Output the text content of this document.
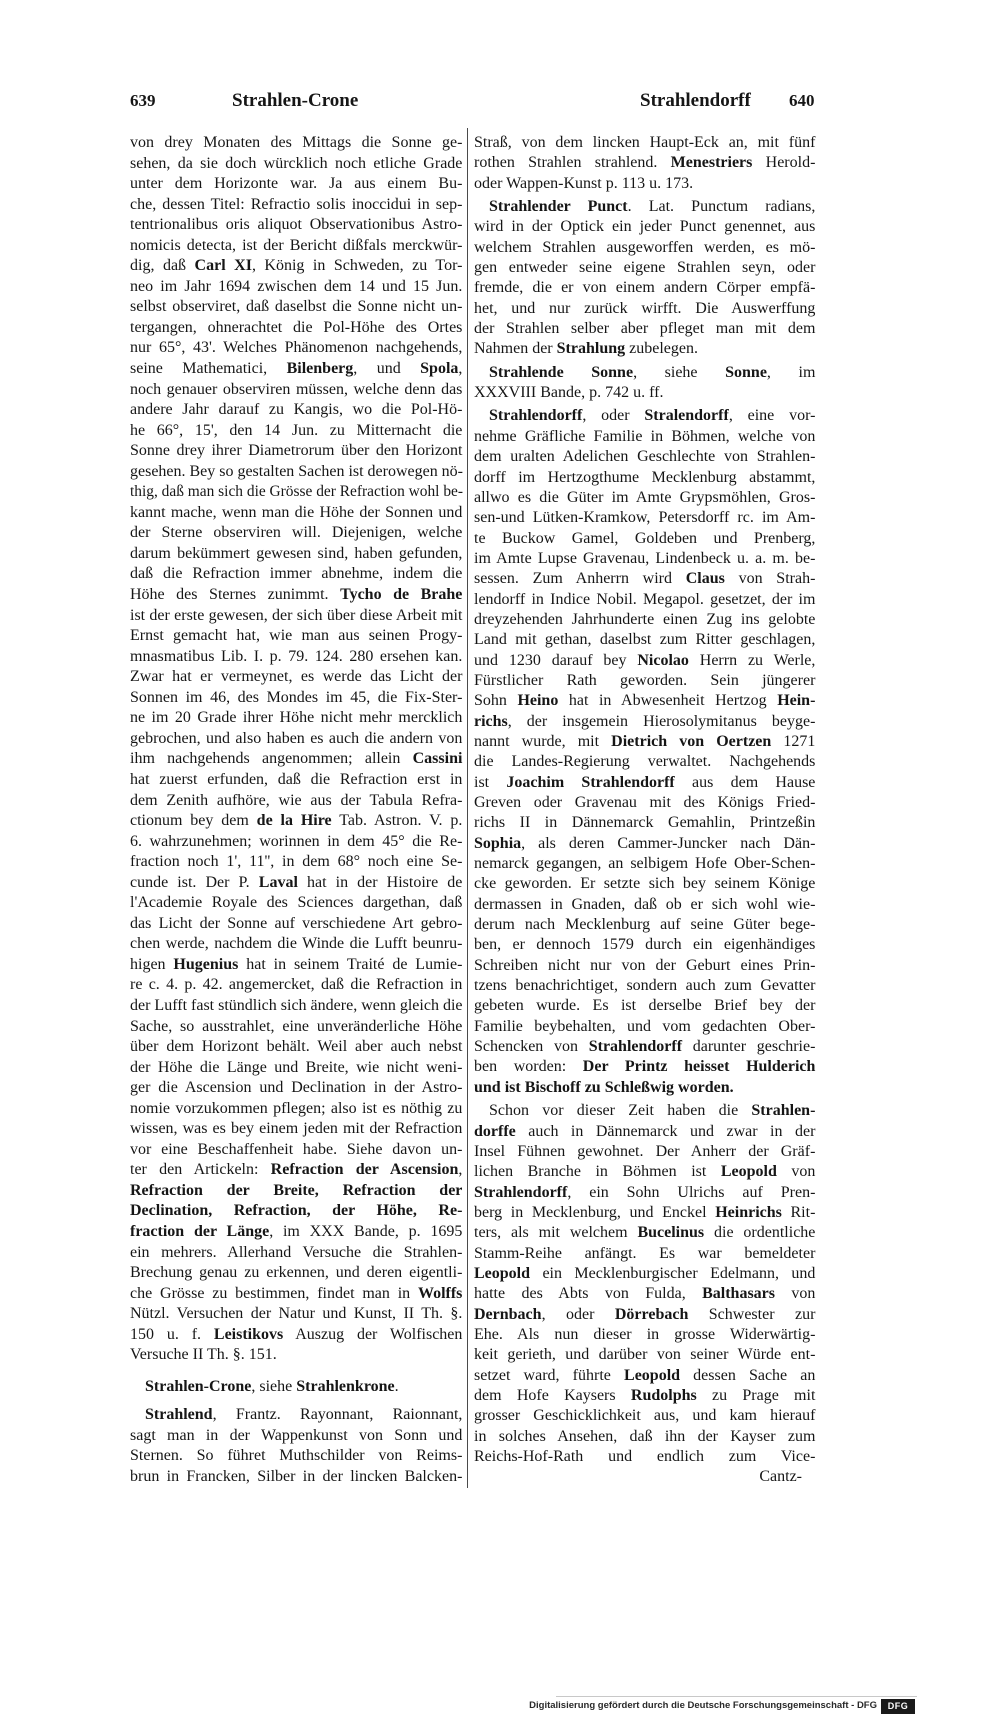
639	Strahlen-Crone	Strahlendorff 640
von drey Monaten des Mittags die Sonne ge-
sehen, da sie doch würcklich noch etliche Grade
unter dem Horizonte war. Ja aus einem Bu-
che, dessen Titel: Refractio solis inoccidui in sep-
tentrionalibus oris aliquot Observationibus Astro-
nomicis detecta, ist der Bericht dißfals merckwür-
dig, daß Carl XI, König in Schweden, zu Tor-
neo im Jahr 1694 zwischen dem 14 und 15 Jun.
selbst observiret, daß daselbst die Sonne nicht un-
tergangen, ohnerachtet die Pol-Höhe des Ortes
nur 65°, 43'. Welches Phänomenon nachgehends,
seine Mathematici, Bilenberg, und Spola,
noch genauer observiren müssen, welche denn das
andere Jahr darauf zu Kangis, wo die Pol-Hö-
he 66°, 15', den 14 Jun. zu Mitternacht die
Sonne drey ihrer Diametrorum über den Horizont
gesehen. Bey so gestalten Sachen ist derowegen nö-
thig, daß man sich die Grösse der Refraction wohl be-
kannt mache, wenn man die Höhe der Sonnen und
der Sterne observiren will. Diejenigen, welche
darum bekümmert gewesen sind, haben gefunden,
daß die Refraction immer abnehme, indem die
Höhe des Sternes zunimmt. Tycho de Brahe
ist der erste gewesen, der sich über diese Arbeit mit
Ernst gemacht hat, wie man aus seinen Progy-
mnasmatibus Lib. I. p. 79. 124. 280 ersehen kan.
Zwar hat er vermeynet, es werde das Licht der
Sonnen im 46, des Mondes im 45, die Fix-Ster-
ne im 20 Grade ihrer Höhe nicht mehr mercklich
gebrochen, und also haben es auch die andern von
ihm nachgehends angenommen; allein Cassini
hat zuerst erfunden, daß die Refraction erst in
dem Zenith aufhöre, wie aus der Tabula Refra-
ctionum bey dem de la Hire Tab. Astron. V. p.
6. wahrzunehmen; worinnen in dem 45° die Re-
fraction noch 1', 11'', in dem 68° noch eine Se-
cunde ist. Der P. Laval hat in der Histoire de
l'Academie Royale des Sciences dargethan, daß
das Licht der Sonne auf verschiedene Art gebro-
chen werde, nachdem die Winde die Lufft beunru-
higen Hugenius hat in seinem Traité de Lumie-
re c. 4. p. 42. angemercket, daß die Refraction in
der Lufft fast stündlich sich ändere, wenn gleich die
Sache, so ausstrahlet, eine unveränderliche Höhe
über dem Horizont behält. Weil aber auch nebst
der Höhe die Länge und Breite, wie nicht weni-
ger die Ascension und Declination in der Astro-
nomie vorzukommen pflegen; also ist es nöthig zu
wissen, was es bey einem jeden mit der Refraction
vor eine Beschaffenheit habe. Siehe davon un-
ter den Artickeln: Refraction der Ascension,
Refraction der Breite, Refraction der
Declination, Refraction, der Höhe, Re-
fraction der Länge, im XXX Bande, p. 1695
ein mehrers. Allerhand Versuche die Strahlen-
Brechung genau zu erkennen, und deren eigentli-
che Grösse zu bestimmen, findet man in Wolffs
Nützl. Versuchen der Natur und Kunst, II Th. §.
150 u. f. Leistikovs Auszug der Wolfischen
Versuche II Th. §. 151.
Strahlen-Crone, siehe Strahlenkrone.
Strahlend, Frantz. Rayonnant, Raionnant,
sagt man in der Wappenkunst von Sonn und
Sternen. So führet Muthschilder von Reims-
brun in Francken, Silber in der lincken Balcken-
Straß, von dem lincken Haupt-Eck an, mit fünf
rothen Strahlen strahlend. Menestriers Herold-
oder Wappen-Kunst p. 113 u. 173.
Strahlender Punct. Lat. Punctum radians,
wird in der Optick ein jeder Punct genennet, aus
welchem Strahlen ausgeworffen werden, es mö-
gen entweder seine eigene Strahlen seyn, oder
fremde, die er von einem andern Cörper empfä-
het, und nur zurück wirfft. Die Auswerffung
der Strahlen selber aber pfleget man mit dem
Nahmen der Strahlung zubelegen.
Strahlende Sonne, siehe Sonne, im
XXXVIII Bande, p. 742 u. ff.
Strahlendorff, oder Stralendorff, eine vor-
nehme Gräfliche Familie in Böhmen, welche von
dem uralten Adelichen Geschlechte von Strahlen-
dorff im Hertzogthume Mecklenburg abstammt,
allwo es die Güter im Amte Grypsmöhlen, Gros-
sen-und Lütken-Kramkow, Petersdorff rc. im Am-
te Buckow Gamel, Goldeben und Prenberg,
im Amte Lupse Gravenau, Lindenbeck u. a. m. be-
sessen. Zum Anherrn wird Claus von Strah-
lendorff in Indice Nobil. Megapol. gesetzet, der im
dreyzehenden Jahrhunderte einen Zug ins gelobte
Land mit gethan, daselbst zum Ritter geschlagen,
und 1230 darauf bey Nicolao Herrn zu Werle,
Fürstlicher Rath geworden. Sein jüngerer
Sohn Heino hat in Abwesenheit Hertzog Hein-
richs, der insgemein Hierosolymitanus beyge-
nannt wurde, mit Dietrich von Oertzen 1271
die Landes-Regierung verwaltet. Nachgehends
ist Joachim Strahlendorff aus dem Hause
Greven oder Gravenau mit des Königs Fried-
richs II in Dännemarck Gemahlin, Printzeßin
Sophia, als deren Cammer-Juncker nach Dän-
nemarck gegangen, an selbigem Hofe Ober-Schen-
cke geworden. Er setzte sich bey seinem Könige
dermassen in Gnaden, daß ob er sich wohl wie-
derum nach Mecklenburg auf seine Güter bege-
ben, er dennoch 1579 durch ein eigenhändiges
Schreiben nicht nur von der Geburt eines Prin-
tzens benachrichtiget, sondern auch zum Gevatter
gebeten wurde. Es ist derselbe Brief bey der
Familie beybehalten, und vom gedachten Ober-
Schencken von Strahlendorff darunter geschrie-
ben worden: Der Printz heisset Hulderich
und ist Bischoff zu Schleßwig worden.
Schon vor dieser Zeit haben die Strahlen-
dorffe auch in Dännemarck und zwar in der
Insel Fühnen gewohnet. Der Anherr der Gräf-
lichen Branche in Böhmen ist Leopold von
Strahlendorff, ein Sohn Ulrichs auf Pren-
berg in Mecklenburg, und Enckel Heinrichs Rit-
ters, als mit welchem Bucelinus die ordentliche
Stamm-Reihe anfängt. Es war bemeldeter
Leopold ein Mecklenburgischer Edelmann, und
hatte des Abts von Fulda, Balthasars von
Dernbach, oder Dörrebach Schwester zur
Ehe. Als nun dieser in grosse Widerwärtig-
keit gerieth, und darüber von seiner Würde ent-
setzet ward, führte Leopold dessen Sache an
dem Hofe Kaysers Rudolphs zu Prage mit
grosser Geschicklichkeit aus, und kam hierauf
in solches Ansehen, daß ihn der Kayser zum
Reichs-Hof-Rath und endlich zum Vice-
Cantz-
Digitalisierung gefördert durch die Deutsche Forschungsgemeinschaft - DFG	DFG
